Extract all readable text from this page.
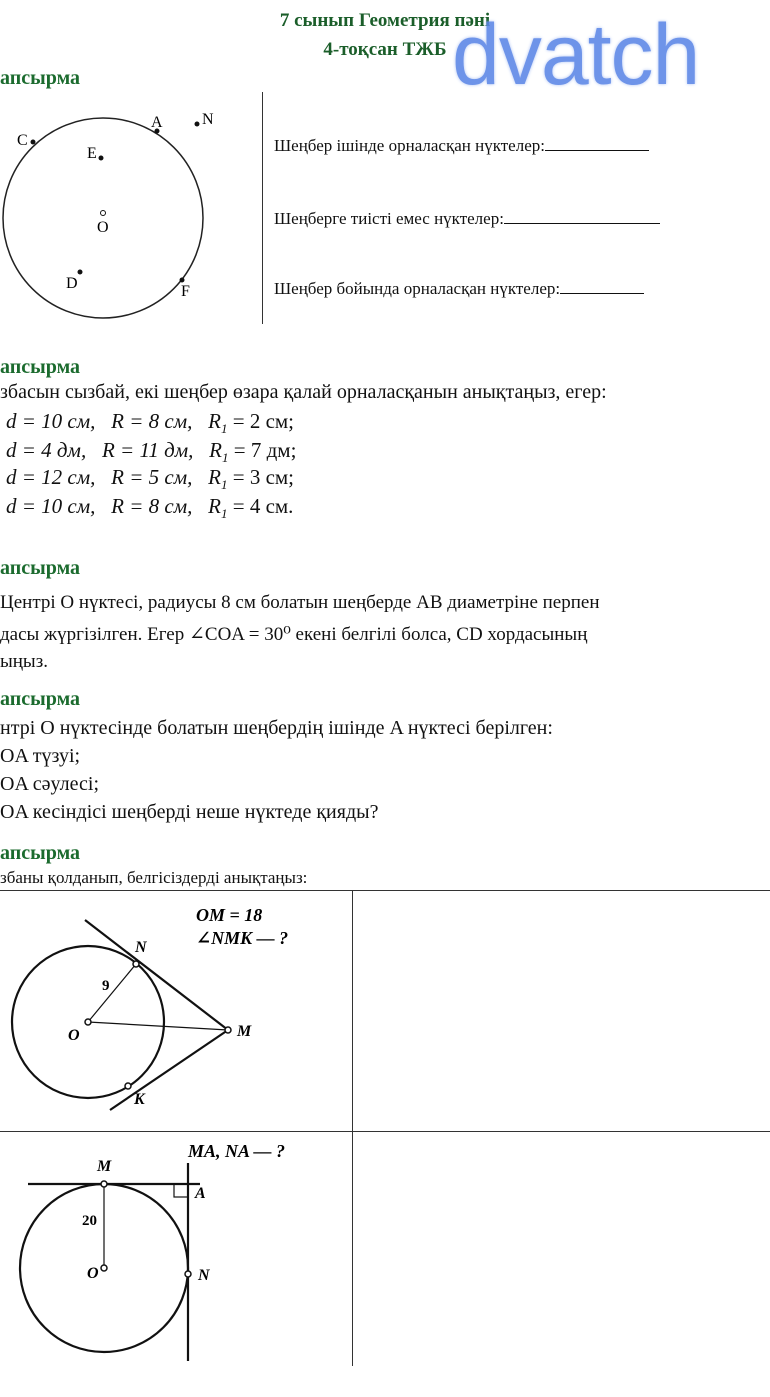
7 сынып Геометрия пәні
4-тоқсан ТЖБ dvatch
апсырма
C
A N
E
O
D	F
Шеңбер ішінде орналасқан нүктелер:
Шеңберге тиісті емес нүктелер:
Шеңбер бойында орналасқан нүктелер:
апсырма
збасын сызбай, екі шеңбер өзара қалай орналасқанын анықтаңыз, егер:
d = 10 см, R = 8 см, $R_1 = 2$ см;
d = 4 дм, R = 11 дм, $R_1 = 7$ дм;
d = 12 см, R = 5 см, $R_1 = 3$ см;
d = 10 см, R = 8 см, $R_1 = 4$ см.
апсырма
Центрі О нүктесі, радиусы 8 см болатын шеңберде AB диаметріне перпен
дасы жүргізілген. Егер ∠COA = 30⁰ екені белгілі болса, CD хордасының
ыңыз.
апсырма
нтрі O нүктесінде болатын шеңбердің ішінде A нүктесі берілген:
OA түзуі;
OA сәулесі;
OA кесіндісі шеңберді неше нүктеде қияды?
апсырма
збаны қолданып, белгісіздерді анықтаңыз:
OM = 18
∠NMK — ?
N
9
O	M
K
MA, NA — ?
M
A
20
O	N
